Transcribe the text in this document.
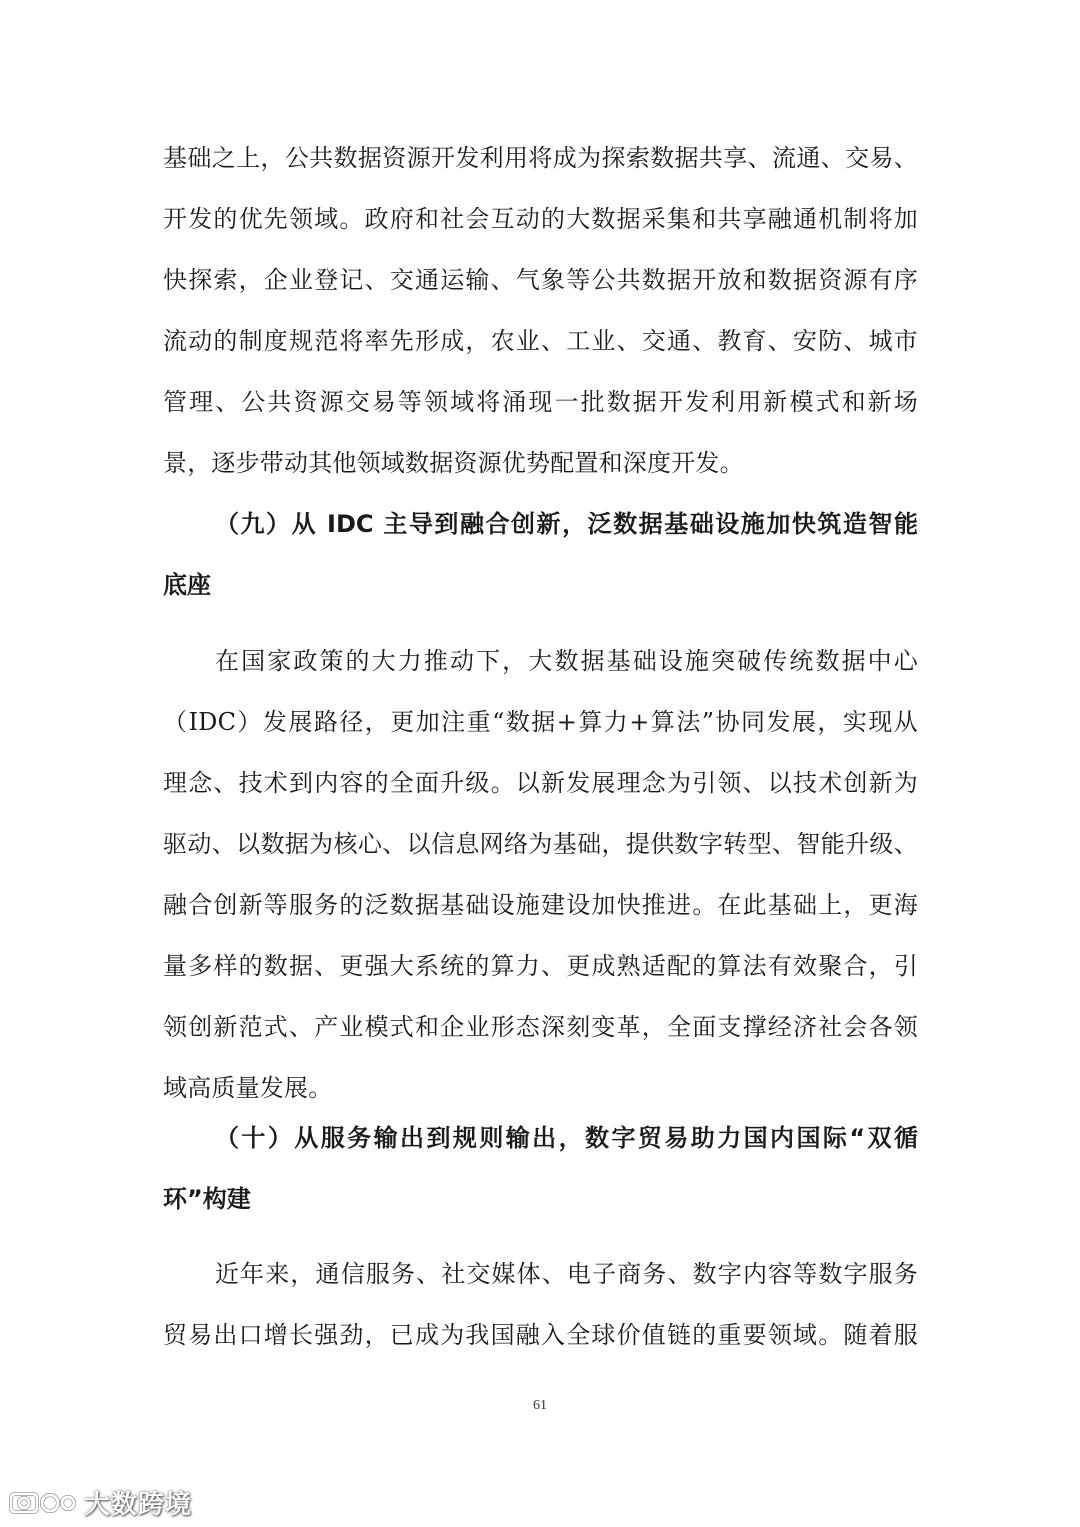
基础之上，公共数据资源开发利用将成为探索数据共享、流通、交易、
开发的优先领域。政府和社会互动的大数据采集和共享融通机制将加
快探索，企业登记、交通运输、气象等公共数据开放和数据资源有序
流动的制度规范将率先形成，农业、工业、交通、教育、安防、城市
管理、公共资源交易等领域将涌现一批数据开发利用新模式和新场
景，逐步带动其他领域数据资源优势配置和深度开发。

（九）从 IDC 主导到融合创新，泛数据基础设施加快筑造智能
底座

在国家政策的大力推动下，大数据基础设施突破传统数据中心
（IDC）发展路径，更加注重“数据+算力+算法”协同发展，实现从
理念、技术到内容的全面升级。以新发展理念为引领、以技术创新为
驱动、以数据为核心、以信息网络为基础，提供数字转型、智能升级、
融合创新等服务的泛数据基础设施建设加快推进。在此基础上，更海
量多样的数据、更强大系统的算力、更成熟适配的算法有效聚合，引
领创新范式、产业模式和企业形态深刻变革，全面支撑经济社会各领
域高质量发展。

（十）从服务输出到规则输出，数字贸易助力国内国际“双循
环”构建

近年来，通信服务、社交媒体、电子商务、数字内容等数字服务
贸易出口增长强劲，已成为我国融入全球价值链的重要领域。随着服

61
大数跨境
